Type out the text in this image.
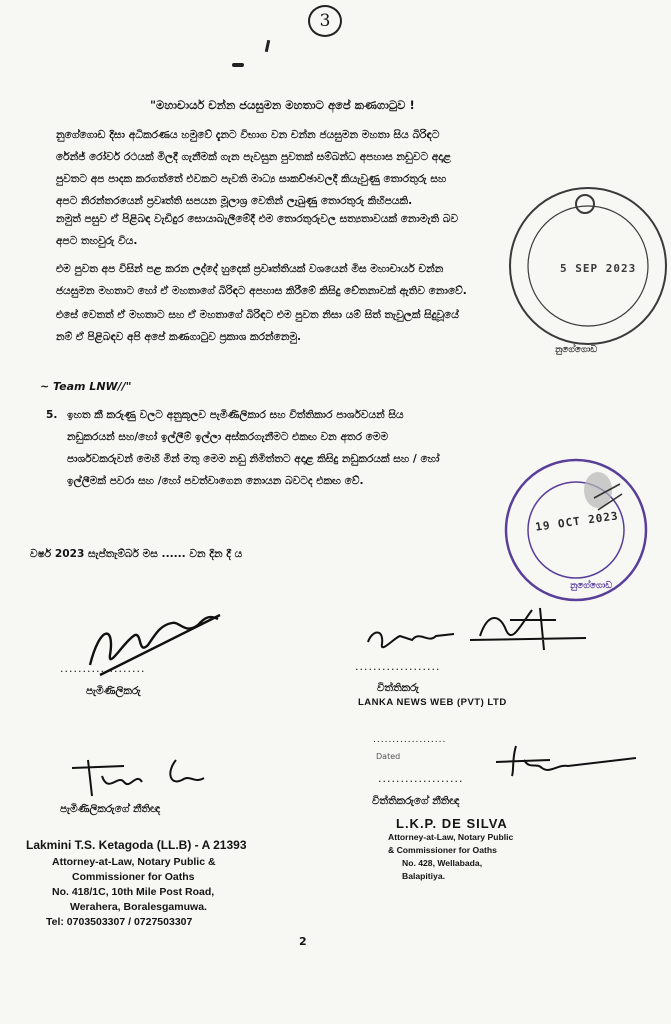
3
"මහාචාර්ය චන්න ජයසුමන මහතාට අපේ කණගාටුව !
නුගේගොඩ දිසා අධිකරණය හමුවේ දැනට විභාග වන චන්න ජයසුමන මහතා සිය බිරිඳට
රේන්ජ් රෝවර් රථයක් මිලදී ගැනීමක් ගැන පැවසුන පුවතක් සම්බන්ධ අපහාස නඩුවට අදාළ
පුවතට අප පාදක කරගත්තේ එවකට පැවති මාධ්‍ය සාකච්ඡාවලදී කියැවුණු තොරතුරු සහ
අපට නිරන්තරයෙන් ප්‍රවෘත්ති සපයන මූලාශ්‍ර වෙතින් ලැබුණු තොරතුරු කිහිපයකි.
නමුත් පසුව ඒ පිළිබඳ වැඩිදුර සොයාබැලීමේදී එම තොරතුරුවල සත්‍යතාවයක් නොමැති බව
අපට තහවුරු විය.
එම පුවත අප විසින් පළ කරන ලද්දේ හුදෙක් ප්‍රවෘත්තියක් වශයෙන් මිස මහාචාර්ය චන්න
ජයසුමන මහතාට හෝ ඒ මහතාගේ බිරිඳට අපහාස කිරීමේ කිසිදු චේතනාවක් ඇතිව නොවේ.
එසේ වෙතත් ඒ මහතාට සහ ඒ මහතාගේ බිරිඳට එම පුවත නිසා යම් සිත් තැවුලක් සිදුවූයේ
නම් ඒ පිළිබඳව අපි අපේ කණගාටුව ප්‍රකාශ කරන්නෙමු.
~ Team LNW//"
5. ඉහත කී කරුණු වලට අනුකූලව පැමිණිලිකාර සහ විත්තිකාර පාර්ශවයන් සිය
නඩුකරයන් සහ/හෝ ඉල්ලීම් ඉල්ලා අස්කරගැනීමට එකඟ වන අතර මෙම
පාර්ශවකරුවන් මෙහි මින් මතු මෙම නඩු නිමිත්තට අදාළ කිසිදු නඩුකරයක් සහ / හෝ
ඉල්ලීමක් පවරා සහ /හෝ පවත්වාගෙන නොයන බවටද එකඟ වේ.
වර්ෂ 2023 සැප්තැම්බර් මස ...... වන දින දී ය
5 SEP 2023
නුගේගොඩ
19 OCT 2023
නුගේගොඩ
...................
පැමිණිලිකරු
...................
විත්තිකරු
LANKA NEWS WEB (PVT) LTD
පැමිණිලිකරුගේ නීතිඥ
...................
Dated
...................
විත්තිකරුගේ නීතිඥ
Lakmini T.S. Ketagoda (LL.B) - A 21393
Attorney-at-Law, Notary Public &
Commissioner for Oaths
No. 418/1C, 10th Mile Post Road,
Werahera, Boralesgamuwa.
Tel: 0703503307 / 0727503307
L.K.P. DE SILVA
Attorney-at-Law, Notary Public
& Commissioner for Oaths
No. 428, Wellabada,
Balapitiya.
2
